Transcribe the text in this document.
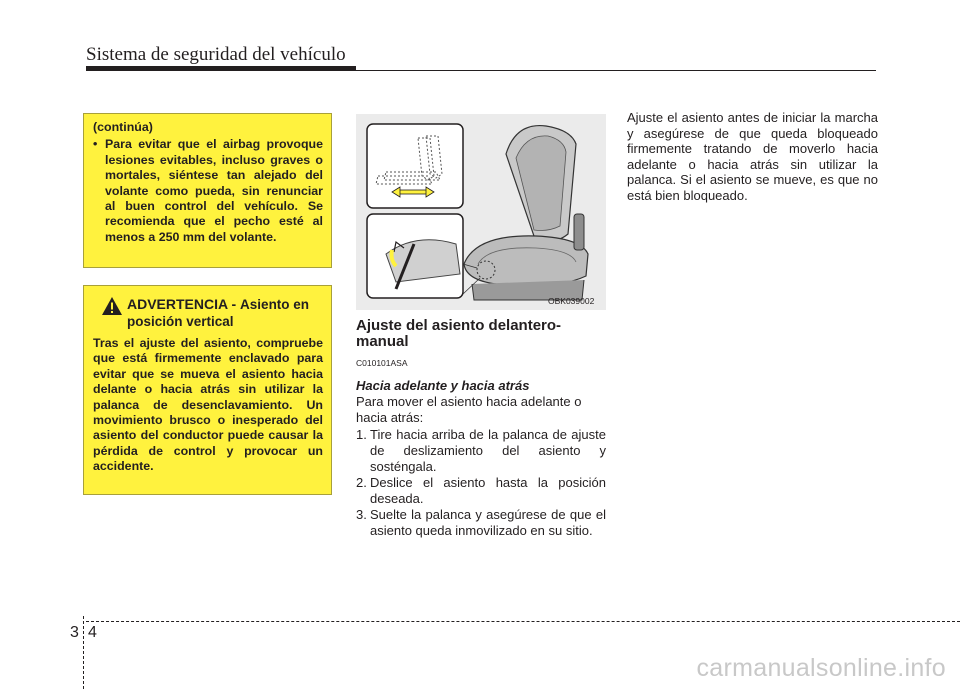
Sistema de seguridad del vehículo
(continúa)
• Para evitar que el airbag provoque lesiones evitables, incluso graves o mortales, siéntese tan alejado del volante como pueda, sin renunciar al buen control del vehículo. Se recomienda que el pecho esté al menos a 250 mm del volante.
ADVERTENCIA - Asiento en posición vertical
Tras el ajuste del asiento, compruebe que está firmemente enclavado para evitar que se mueva el asiento hacia delante o hacia atrás sin utilizar la palanca de desenclavamiento. Un movimiento brusco o inesperado del asiento del conductor puede causar la pérdida de control y provocar un accidente.
OBK039002
Ajuste del asiento delantero-manual
C010101ASA
Hacia adelante y hacia atrás
Para mover el asiento hacia adelante o hacia atrás:
1. Tire hacia arriba de la palanca de ajuste de deslizamiento del asiento y sosténgala.
2. Deslice el asiento hasta la posición deseada.
3. Suelte la palanca y asegúrese de que el asiento queda inmovilizado en su sitio.
Ajuste el asiento antes de iniciar la marcha y asegúrese de que queda bloqueado firmemente tratando de moverlo hacia adelante o hacia atrás sin utilizar la palanca. Si el asiento se mueve, es que no está bien bloqueado.
3 4
carmanualsonline.info
